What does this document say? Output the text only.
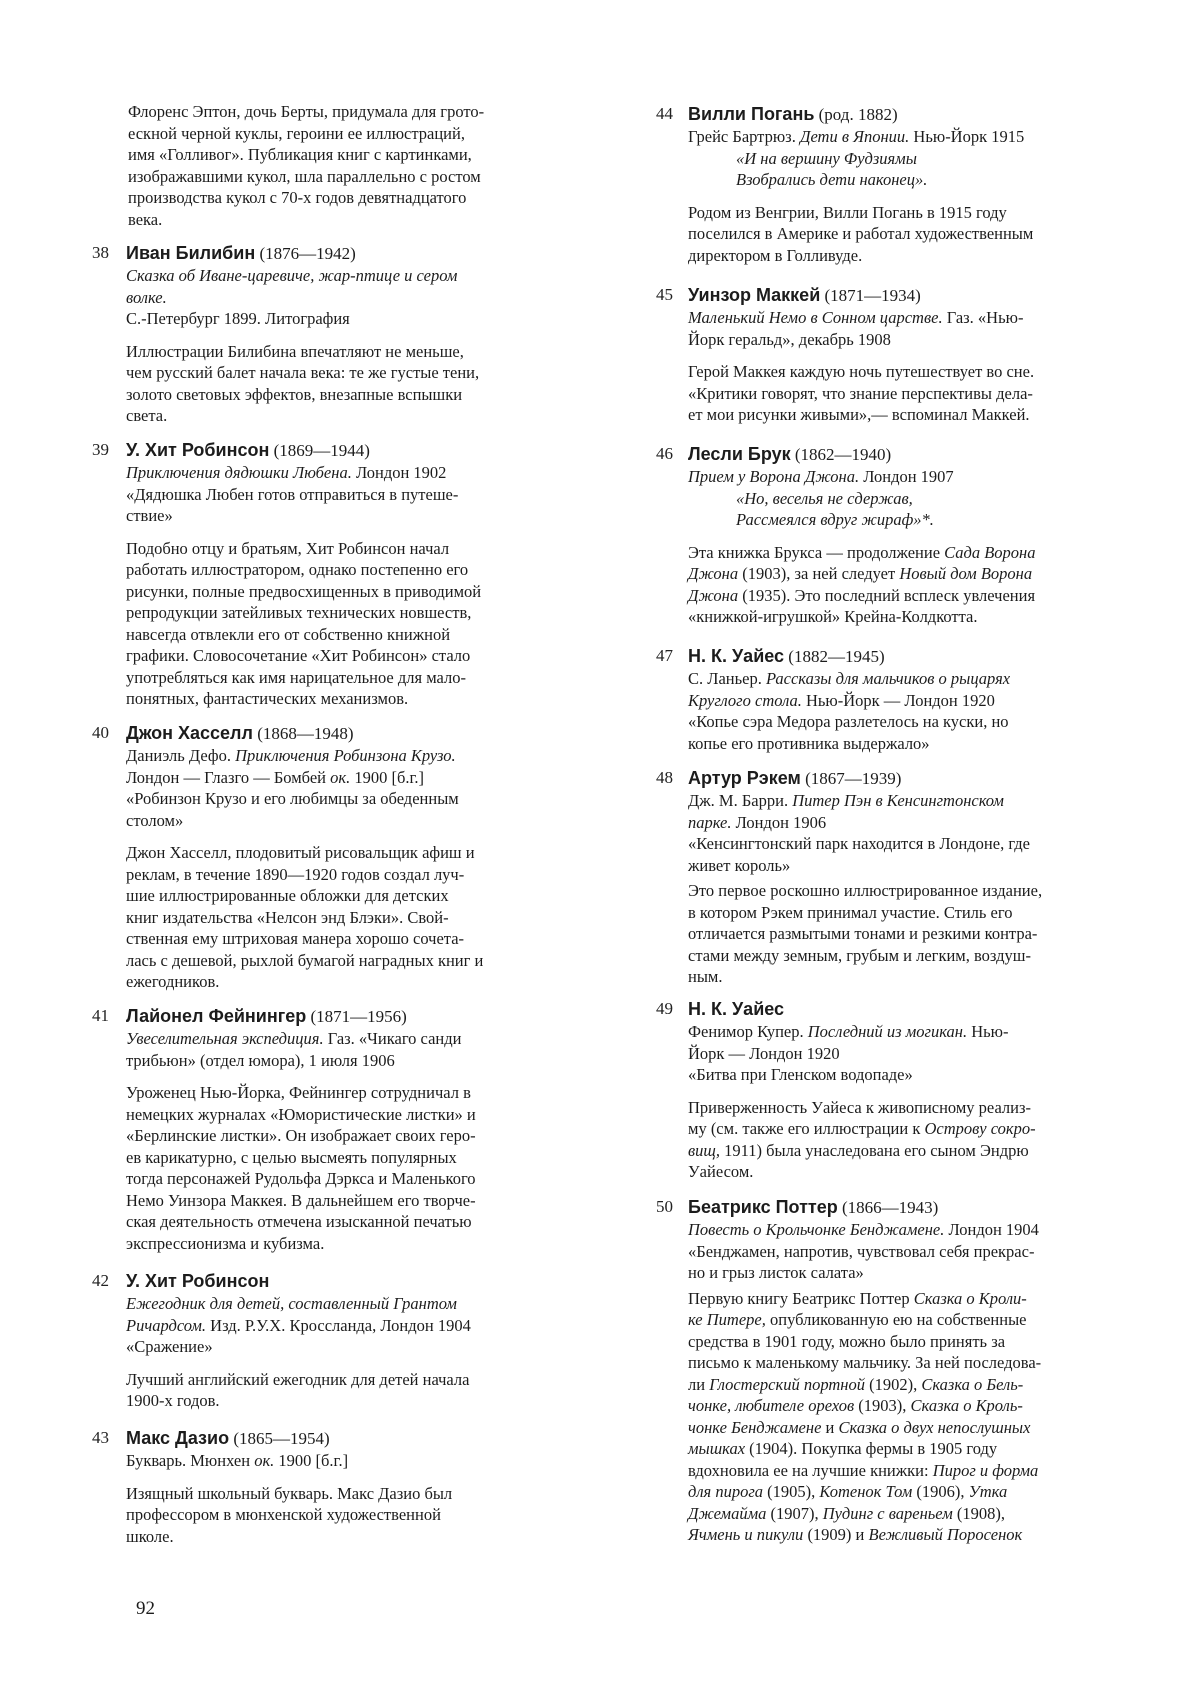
Флоренс Эптон, дочь Берты, придумала для грото-

ескной черной куклы, героини ее иллюстраций,

имя «Голливог». Публикация книг с картинками,

изображавшими кукол, шла параллельно с ростом

производства кукол с 70-х годов девятнадцатого

века.

38 Иван Билибин (1876—1942)

Сказка об Иване-царевиче, жар-птице и сером

волке.

С.-Петербург 1899. Литография

Иллюстрации Билибина впечатляют не меньше,

чем русский балет начала века: те же густые тени,

золото световых эффектов, внезапные вспышки

света.

39 У. Хит Робинсон (1869—1944)

Приключения дядюшки Любена. Лондон 1902

«Дядюшка Любен готов отправиться в путеше-

ствие»

Подобно отцу и братьям, Хит Робинсон начал

работать иллюстратором, однако постепенно его

рисунки, полные предвосхищенных в приводимой

репродукции затейливых технических новшеств,

навсегда отвлекли его от собственно книжной

графики. Словосочетание «Хит Робинсон» стало

употребляться как имя нарицательное для мало-

понятных, фантастических механизмов.

40 Джон Хасселл (1868—1948)

Даниэль Дефо. Приключения Робинзона Крузо.

Лондон — Глазго — Бомбей ок. 1900 [б.г.]

«Робинзон Крузо и его любимцы за обеденным

столом»

Джон Хасселл, плодовитый рисовальщик афиш и

реклам, в течение 1890—1920 годов создал луч-

шие иллюстрированные обложки для детских

книг издательства «Нелсон энд Блэки». Свой-

ственная ему штриховая манера хорошо сочета-

лась с дешевой, рыхлой бумагой наградных книг и

ежегодников.

41 Лайонел Фейнингер (1871—1956)

Увеселительная экспедиция. Газ. «Чикаго санди

трибьюн» (отдел юмора), 1 июля 1906

Уроженец Нью-Йорка, Фейнингер сотрудничал в

немецких журналах «Юмористические листки» и

«Берлинские листки». Он изображает своих геро-

ев карикатурно, с целью высмеять популярных

тогда персонажей Рудольфа Дэркса и Маленького

Немо Уинзора Маккея. В дальнейшем его творче-

ская деятельность отмечена изысканной печатью

экспрессионизма и кубизма.

42 У. Хит Робинсон

Ежегодник для детей, составленный Грантом

Ричардсом. Изд. Р.У.Х. Кроссланда, Лондон 1904

«Сражение»

Лучший английский ежегодник для детей начала

1900-х годов.

43 Макс Дазио (1865—1954)

Букварь. Мюнхен ок. 1900 [б.г.]

Изящный школьный букварь. Макс Дазио был

профессором в мюнхенской художественной

школе.

92
44 Вилли Погань (род. 1882)

Грейс Бартрюз. Дети в Японии. Нью-Йорк 1915

«И на вершину Фудзиямы

Взобрались дети наконец».

Родом из Венгрии, Вилли Погань в 1915 году

поселился в Америке и работал художественным

директором в Голливуде.

45 Уинзор Маккей (1871—1934)

Маленький Немо в Сонном царстве. Газ. «Нью-

Йорк геральд», декабрь 1908

Герой Маккея каждую ночь путешествует во сне.

«Критики говорят, что знание перспективы дела-

ет мои рисунки живыми»,— вспоминал Маккей.

46 Лесли Брук (1862—1940)

Прием у Ворона Джона. Лондон 1907

«Но, веселья не сдержав,

Рассмеялся вдруг жираф»*.

Эта книжка Брукса — продолжение Сада Ворона

Джона (1903), за ней следует Новый дом Ворона

Джона (1935). Это последний всплеск увлечения

«книжкой-игрушкой» Крейна-Колдкотта.

47 Н. К. Уайес (1882—1945)

С. Ланьер. Рассказы для мальчиков о рыцарях

Круглого стола. Нью-Йорк — Лондон 1920

«Копье сэра Медора разлетелось на куски, но

копье его противника выдержало»

48 Артур Рэкем (1867—1939)

Дж. М. Барри. Питер Пэн в Кенсингтонском

парке. Лондон 1906

«Кенсингтонский парк находится в Лондоне, где

живет король»

Это первое роскошно иллюстрированное издание,

в котором Рэкем принимал участие. Стиль его

отличается размытыми тонами и резкими контра-

стами между земным, грубым и легким, воздуш-

ным.

49 Н. К. Уайес

Фенимор Купер. Последний из могикан. Нью-

Йорк — Лондон 1920

«Битва при Гленском водопаде»

Приверженность Уайеса к живописному реализ-

му (см. также его иллюстрации к Острову сокро-

вищ, 1911) была унаследована его сыном Эндрю

Уайесом.

50 Беатрикс Поттер (1866—1943)

Повесть о Крольчонке Бенджамене. Лондон 1904

«Бенджамен, напротив, чувствовал себя прекрас-

но и грыз листок салата»

Первую книгу Беатрикс Поттер Сказка о Кроли-

ке Питере, опубликованную ею на собственные

средства в 1901 году, можно было принять за

письмо к маленькому мальчику. За ней последова-

ли Глостерский портной (1902), Сказка о Бель-

чонке, любителе орехов (1903), Сказка о Кроль-

чонке Бенджамене и Сказка о двух непослушных

мышках (1904). Покупка фермы в 1905 году

вдохновила ее на лучшие книжки: Пирог и форма

для пирога (1905), Котенок Том (1906), Утка

Джемайма (1907), Пудинг с вареньем (1908),

Ячмень и пикули (1909) и Вежливый Поросенок
